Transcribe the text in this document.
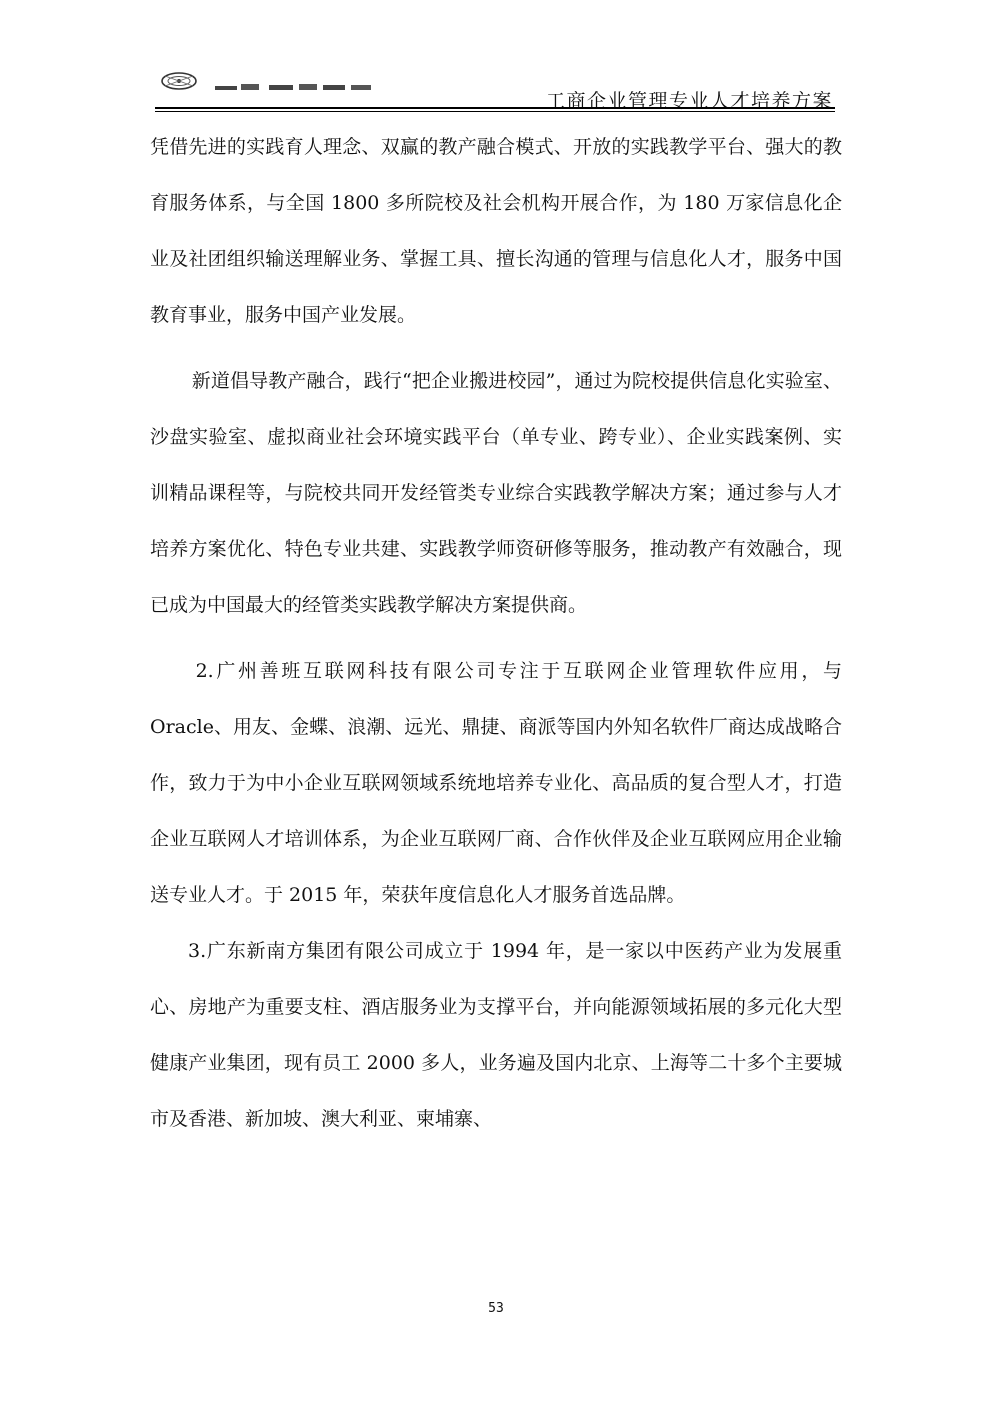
工商企业管理专业人才培养方案

凭借先进的实践育人理念、双赢的教产融合模式、开放的实践教学平台、强大的教育服务体系，与全国 1800 多所院校及社会机构开展合作，为 180 万家信息化企业及社团组织输送理解业务、掌握工具、擅长沟通的管理与信息化人才，服务中国教育事业，服务中国产业发展。

新道倡导教产融合，践行“把企业搬进校园”，通过为院校提供信息化实验室、沙盘实验室、虚拟商业社会环境实践平台（单专业、跨专业）、企业实践案例、实训精品课程等，与院校共同开发经管类专业综合实践教学解决方案；通过参与人才培养方案优化、特色专业共建、实践教学师资研修等服务，推动教产有效融合，现已成为中国最大的经管类实践教学解决方案提供商。

2.广州善班互联网科技有限公司专注于互联网企业管理软件应用，与 Oracle、用友、金蝶、浪潮、远光、鼎捷、商派等国内外知名软件厂商达成战略合作，致力于为中小企业互联网领域系统地培养专业化、高品质的复合型人才，打造企业互联网人才培训体系，为企业互联网厂商、合作伙伴及企业互联网应用企业输送专业人才。于 2015 年，荣获年度信息化人才服务首选品牌。

3.广东新南方集团有限公司成立于 1994 年，是一家以中医药产业为发展重心、房地产为重要支柱、酒店服务业为支撑平台，并向能源领域拓展的多元化大型健康产业集团，现有员工 2000 多人，业务遍及国内北京、上海等二十多个主要城市及香港、新加坡、澳大利亚、柬埔寨、

53
